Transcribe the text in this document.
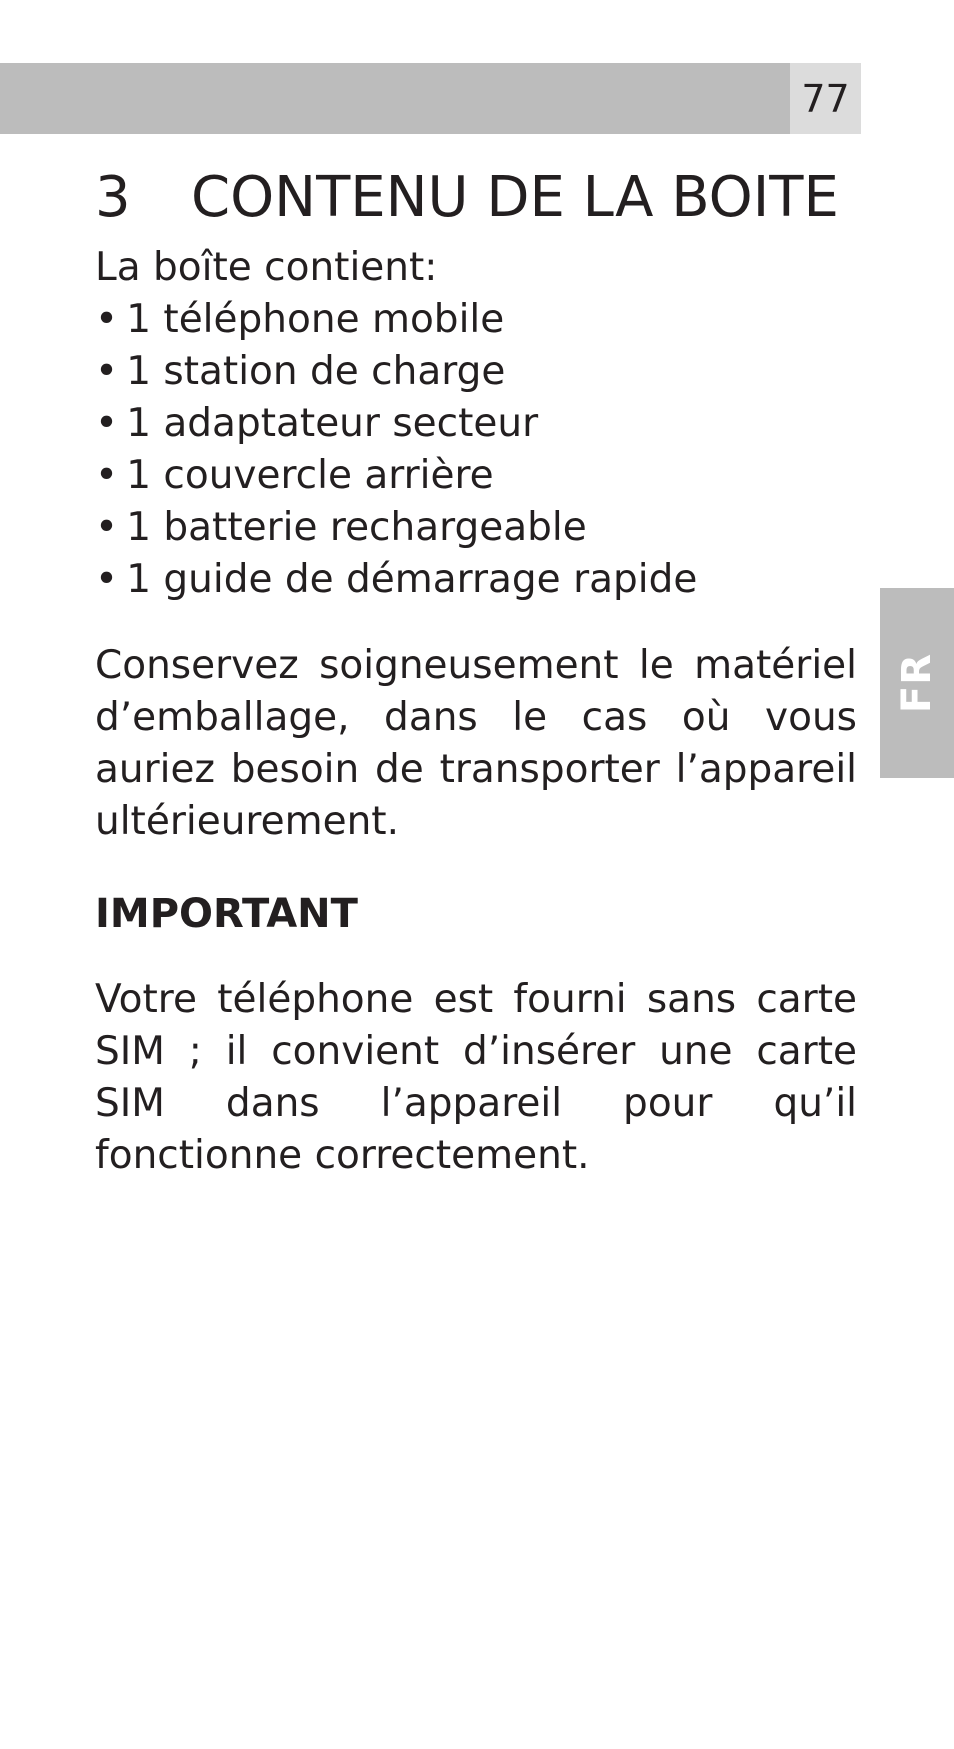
77
FR
3 CONTENU DE LA BOITE

La boîte contient:

• 1 téléphone mobile
• 1 station de charge
• 1 adaptateur secteur
• 1 couvercle arrière
• 1 batterie rechargeable
• 1 guide de démarrage rapide

Conservez soigneusement le matériel d’emballage, dans le cas où vous auriez besoin de transporter l’appareil ultérieurement.

IMPORTANT

Votre téléphone est fourni sans carte SIM ; il convient d’insérer une carte SIM dans l’appareil pour qu’il fonctionne correctement.
